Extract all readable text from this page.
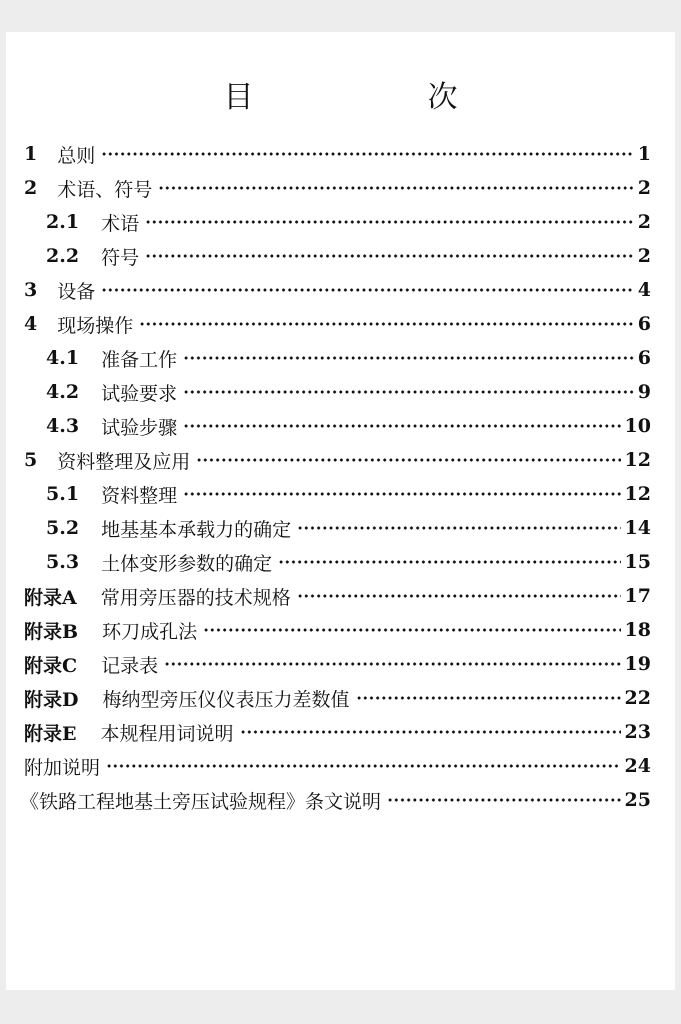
目　次
1 总则	1
2 术语、符号	2
2.1 术语	2
2.2 符号	2
3 设备	4
4 现场操作	6
4.1 准备工作	6
4.2 试验要求	9
4.3 试验步骤	10
5 资料整理及应用	12
5.1 资料整理	12
5.2 地基基本承载力的确定	14
5.3 土体变形参数的确定	15
附录A 常用旁压器的技术规格	17
附录B 环刀成孔法	18
附录C 记录表	19
附录D 梅纳型旁压仪仪表压力差数值	22
附录E 本规程用词说明	23
附加说明	24
《铁路工程地基土旁压试验规程》条文说明	25
